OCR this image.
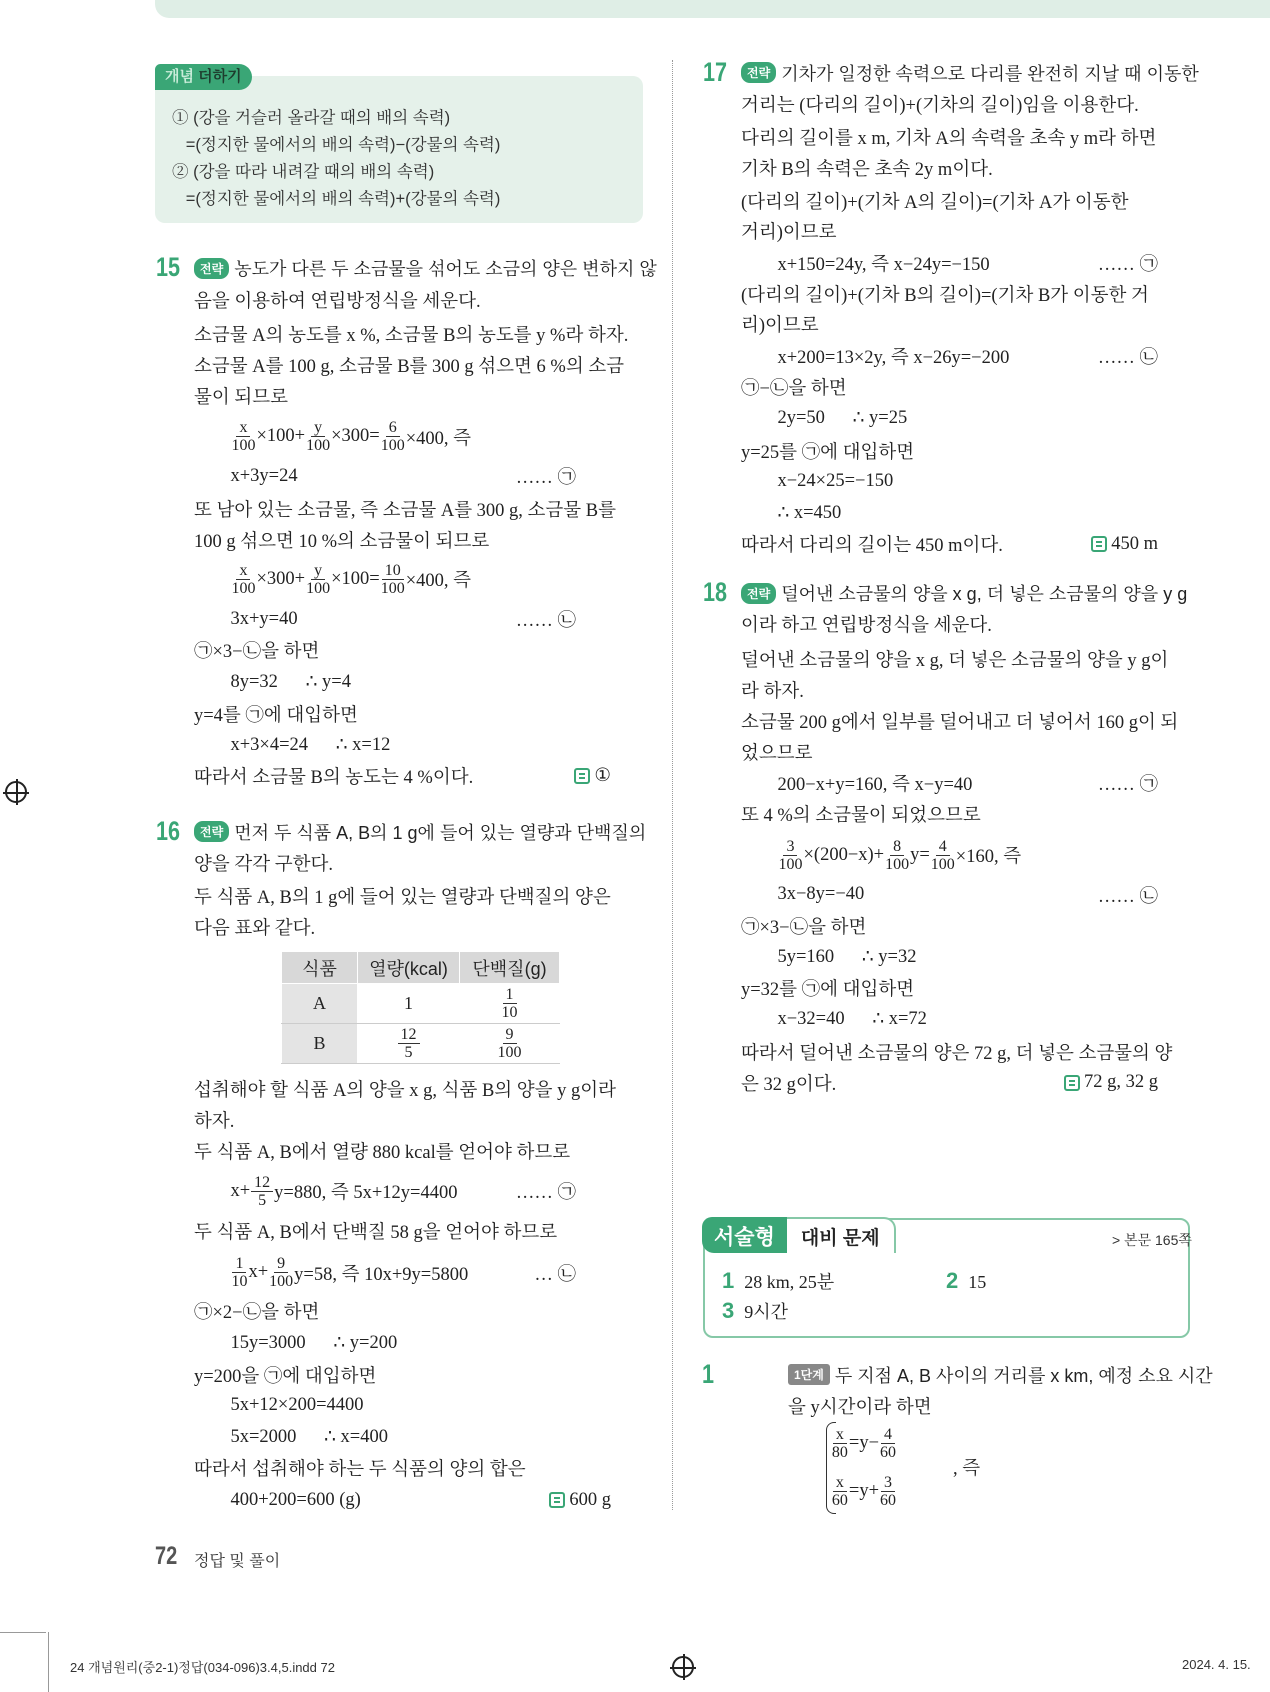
개념 더하기
① (강을 거슬러 올라갈 때의 배의 속력)
=(정지한 물에서의 배의 속력)−(강물의 속력)
② (강을 따라 내려갈 때의 배의 속력)
=(정지한 물에서의 배의 속력)+(강물의 속력)
15	전략 농도가 다른 두 소금물을 섞어도 소금의 양은 변하지 않
음을 이용하여 연립방정식을 세운다.
소금물 A의 농도를 x %, 소금물 B의 농도를 y %라 하자.
소금물 A를 100 g, 소금물 B를 300 g 섞으면 6 %의 소금
물이 되므로
$\frac{x}{100} \times 100+ \frac{y}{100} \times 300= \frac{6}{100} \times 400$, 즉
x+3y=24	…… ㉠
또 남아 있는 소금물, 즉 소금물 A를 300 g, 소금물 B를
100 g 섞으면 10 %의 소금물이 되므로
$\frac{x}{100} \times 300+ \frac{y}{100} \times 100= \frac{10}{100} \times 400$, 즉
3x+y=40	…… ㉡
㉠×3−㉡을 하면
8y=32      ∴ y=4
y=4를 ㉠에 대입하면
x+3×4=24      ∴ x=12
따라서 소금물 B의 농도는 4 %이다.	①
16	전략 먼저 두 식품 A, B의 1 g에 들어 있는 열량과 단백질의
양을 각각 구한다.
두 식품 A, B의 1 g에 들어 있는 열량과 단백질의 양은
다음 표와 같다.
섭취해야 할 식품 A의 양을 x g, 식품 B의 양을 y g이라
하자.
두 식품 A, B에서 열량 880 kcal를 얻어야 하므로
$x+ \frac{12}{5} y=880$, 즉 5x+12y=4400	…… ㉠
두 식품 A, B에서 단백질 58 g을 얻어야 하므로
$\frac{1}{10} x+ \frac{9}{100} y=58$, 즉 10x+9y=5800	… ㉡
㉠×2−㉡을 하면
15y=3000      ∴ y=200
y=200을 ㉠에 대입하면
5x+12×200=4400
5x=2000      ∴ x=400
따라서 섭취해야 하는 두 식품의 양의 합은
400+200=600 (g)	600 g
17	전략 기차가 일정한 속력으로 다리를 완전히 지날 때 이동한
거리는 (다리의 길이)+(기차의 길이)임을 이용한다.
다리의 길이를 x m, 기차 A의 속력을 초속 y m라 하면
기차 B의 속력은 초속 2y m이다.
(다리의 길이)+(기차 A의 길이)=(기차 A가 이동한
거리)이므로
x+150=24y, 즉 x−24y=−150	…… ㉠
(다리의 길이)+(기차 B의 길이)=(기차 B가 이동한 거
리)이므로
x+200=13×2y, 즉 x−26y=−200	…… ㉡
㉠−㉡을 하면
2y=50      ∴ y=25
y=25를 ㉠에 대입하면
x−24×25=−150
∴ x=450
따라서 다리의 길이는 450 m이다.	450 m
18	전략 덜어낸 소금물의 양을 x g, 더 넣은 소금물의 양을 y g
이라 하고 연립방정식을 세운다.
덜어낸 소금물의 양을 x g, 더 넣은 소금물의 양을 y g이
라 하자.
소금물 200 g에서 일부를 덜어내고 더 넣어서 160 g이 되
었으므로
200−x+y=160, 즉 x−y=40	…… ㉠
또 4 %의 소금물이 되었으므로
$\frac{3}{100} \times(200-x)+ \frac{8}{100} y= \frac{4}{100} \times 160$, 즉
3x−8y=−40	…… ㉡
㉠×3−㉡을 하면
5y=160      ∴ y=32
y=32를 ㉠에 대입하면
x−32=40      ∴ x=72
따라서 덜어낸 소금물의 양은 72 g, 더 넣은 소금물의 양
은 32 g이다.	72 g, 32 g
1	1단계 두 지점 A, B 사이의 거리를 x km, 예정 소요 시간
을 y시간이라 하면
$\frac{x}{80} =y- \frac{4}{60}$
$\frac{x}{60} =y+ \frac{3}{60}$
식품	열량(kcal)	단백질(g)
A	1	$\frac{1}{10}$

B	$\frac{12}{5}$	$\frac{9}{100}$
서술형	대비 문제	> 본문 165쪽
1 28 km, 25분	2 15
3 9시간
, 즉
72 정답 및 풀이
24 개념원리(중2-1)정답(034-096)3.4,5.indd 72	2024. 4. 15.
